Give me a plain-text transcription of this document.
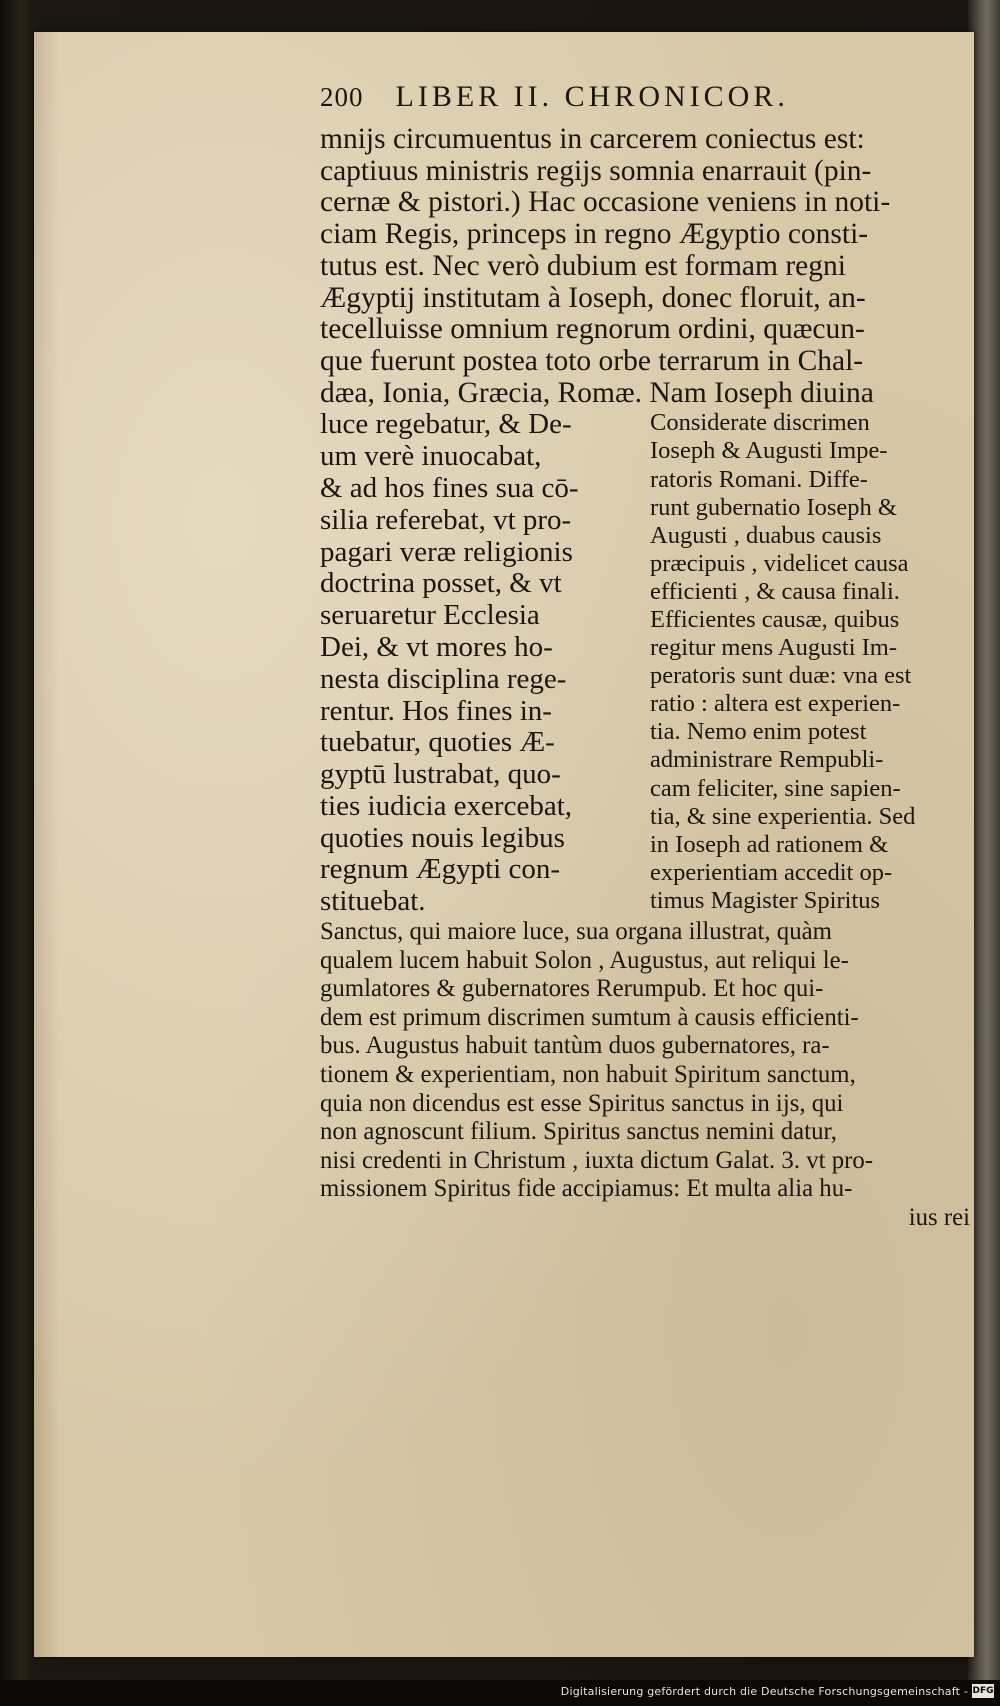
200 LIBER II. CHRONICOR.
mnijs circumuentus in carcerem coniectus est:
captiuus ministris regijs somnia enarrauit (pin-
cernæ & pistori.) Hac occasione veniens in noti-
ciam Regis, princeps in regno Ægyptio consti-
tutus est. Nec verò dubium est formam regni
Ægyptij institutam à Ioseph, donec floruit, an-
tecelluisse omnium regnorum ordini, quæcun-
que fuerunt postea toto orbe terrarum in Chal-
dæa, Ionia, Græcia, Romæ. Nam Ioseph diuina
luce regebatur, & De-
um verè inuocabat,
& ad hos fines sua cō-
silia referebat, vt pro-
pagari veræ religionis
doctrina posset, & vt
seruaretur Ecclesia
Dei, & vt mores ho-
nesta disciplina rege-
rentur. Hos fines in-
tuebatur, quoties Æ-
gyptū lustrabat, quo-
ties iudicia exercebat,
quoties nouis legibus
regnum Ægypti con-
stituebat.
Considerate discrimen
Ioseph & Augusti Impe-
ratoris Romani. Diffe-
runt gubernatio Ioseph &
Augusti , duabus causis
præcipuis , videlicet causa
efficienti , & causa finali.
Efficientes causæ, quibus
regitur mens Augusti Im-
peratoris sunt duæ: vna est
ratio : altera est experien-
tia. Nemo enim potest
administrare Rempubli-
cam feliciter, sine sapien-
tia, & sine experientia. Sed
in Ioseph ad rationem &
experientiam accedit op-
timus Magister Spiritus
Sanctus, qui maiore luce, sua organa illustrat, quàm
qualem lucem habuit Solon , Augustus, aut reliqui le-
gumlatores & gubernatores Rerumpub. Et hoc qui-
dem est primum discrimen sumtum à causis efficienti-
bus. Augustus habuit tantùm duos gubernatores, ra-
tionem & experientiam, non habuit Spiritum sanctum,
quia non dicendus est esse Spiritus sanctus in ijs, qui
non agnoscunt filium. Spiritus sanctus nemini datur,
nisi credenti in Christum , iuxta dictum Galat. 3. vt pro-
missionem Spiritus fide accipiamus: Et multa alia hu-
ius rei
Digitalisierung gefördert durch die Deutsche Forschungsgemeinschaft - DFG
